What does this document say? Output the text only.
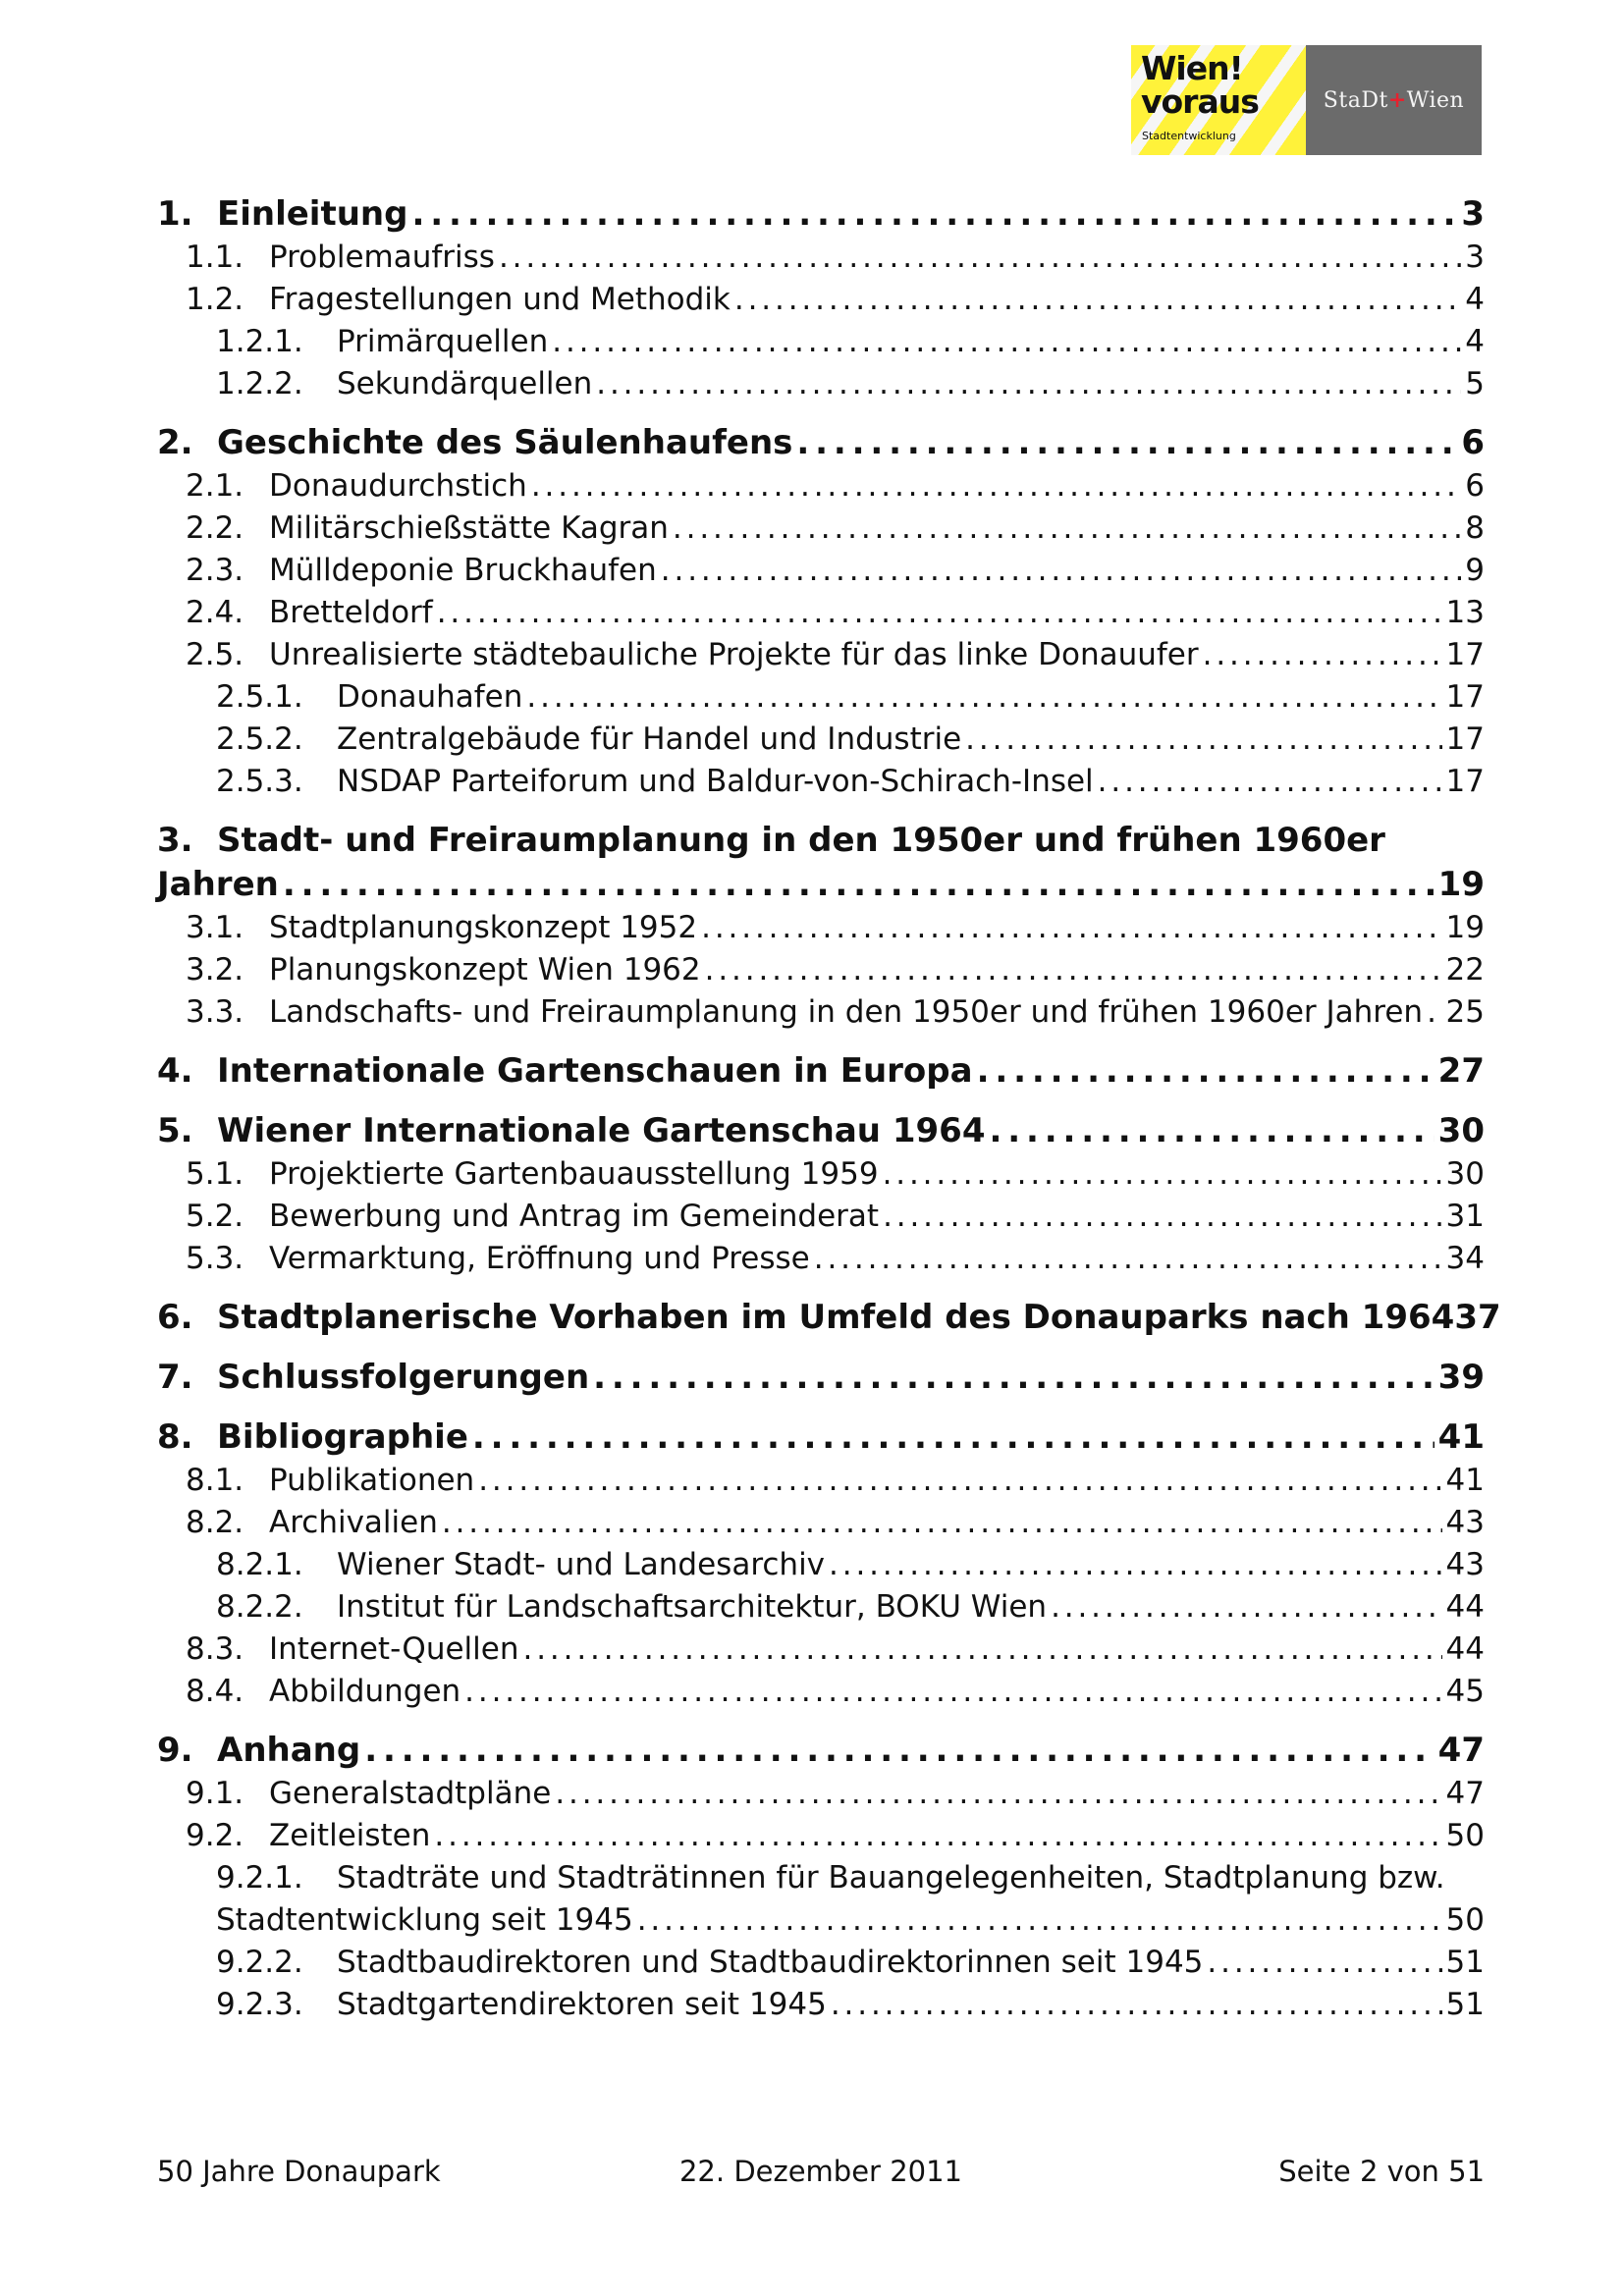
Wien!
voraus
Stadtentwicklung
StaDt + Wien
1. Einleitung . . .	3
1.1. Problemaufriss . . .	3
1.2. Fragestellungen und Methodik . . .	4
1.2.1.	Primärquellen . . .	4
1.2.2.	Sekundärquellen . . .	5
2. Geschichte des Säulenhaufens . . .	6
2.1. Donaudurchstich . . .	6
2.2. Militärschießstätte Kagran . . .	8
2.3. Mülldeponie Bruckhaufen . . .	9
2.4. Bretteldorf . . .	13
2.5. Unrealisierte städtebauliche Projekte für das linke Donauufer . . .	17
2.5.1.	Donauhafen . . .	17
2.5.2.	Zentralgebäude für Handel und Industrie . . .	17
2.5.3.	NSDAP Parteiforum und Baldur-von-Schirach-Insel . . .	17
3. Stadt- und Freiraumplanung in den 1950er und frühen 1960er
Jahren . . .	19
3.1. Stadtplanungskonzept 1952 . . .	19
3.2. Planungskonzept Wien 1962 . . .	22
3.3. Landschafts- und Freiraumplanung in den 1950er und frühen 1960er Jahren . . . 25
4. Internationale Gartenschauen in Europa . . .	27
5. Wiener Internationale Gartenschau 1964 . . .	30
5.1. Projektierte Gartenbauausstellung 1959 . . .	30
5.2. Bewerbung und Antrag im Gemeinderat . . .	31
5.3. Vermarktung, Eröffnung und Presse . . .	34
6. Stadtplanerische Vorhaben im Umfeld des Donauparks nach 1964 37
7. Schlussfolgerungen . . .	39
8. Bibliographie . . .	41
8.1. Publikationen . . .	41
8.2. Archivalien . . .	43
8.2.1.	Wiener Stadt- und Landesarchiv . . .	43
8.2.2.	Institut für Landschaftsarchitektur, BOKU Wien . . .	44
8.3. Internet-Quellen . . .	44
8.4. Abbildungen . . .	45
9. Anhang . . .	47
9.1. Generalstadtpläne . . .	47
9.2. Zeitleisten . . .	50
9.2.1.	Stadträte und Stadträtinnen für Bauangelegenheiten, Stadtplanung bzw.
Stadtentwicklung seit 1945 . . .	50
9.2.2.	Stadtbaudirektoren und Stadtbaudirektorinnen seit 1945 . . .	51
9.2.3.	Stadtgartendirektoren seit 1945 . . .	51
50 Jahre Donaupark	22. Dezember 2011	Seite 2 von 51
